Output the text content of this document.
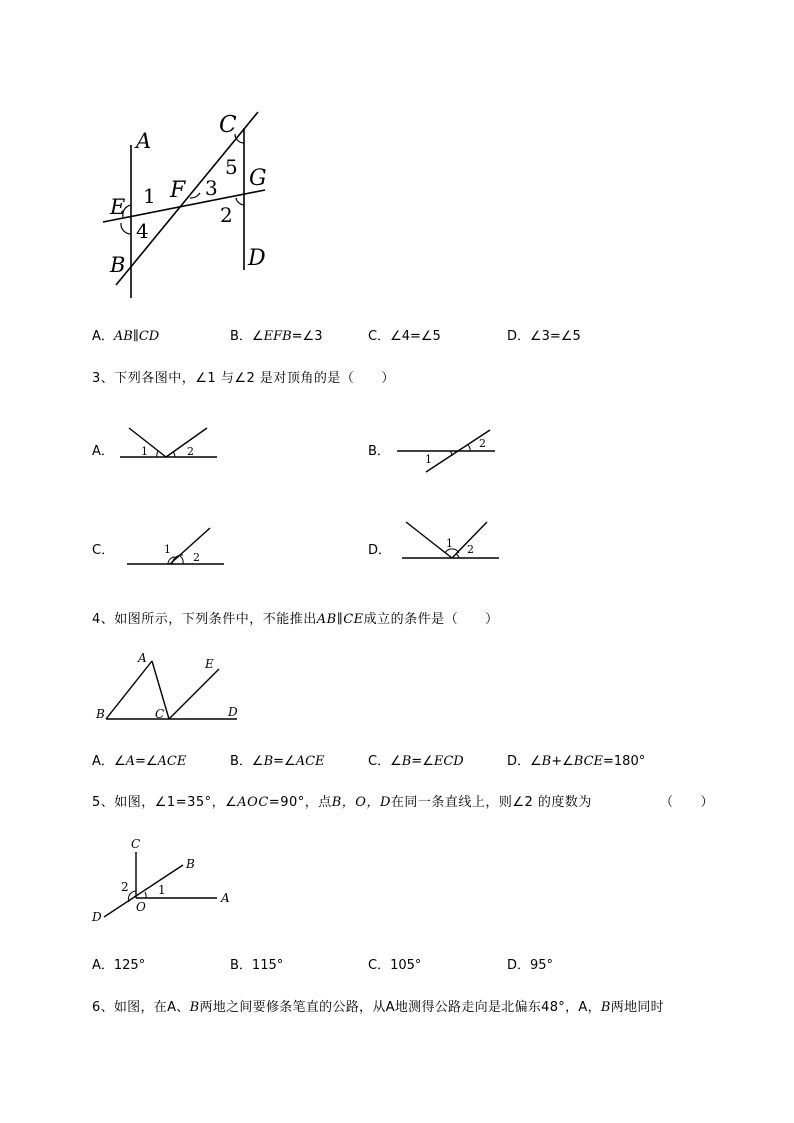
A
C
G
E
F
B	D
1 3
5
2
4
A．AB∥CD	B．∠EFB=∠3	C．∠4=∠5	D．∠3=∠5
3、下列各图中，∠1 与∠2 是对顶角的是（　　）
A． 1	2	B．
1
2
C．	1
2	D．	1 2
4、如图所示，下列条件中，不能推出AB∥CE成立的条件是（　　）
A	E
B	C	D
A．∠A=∠ACE	B．∠B=∠ACE	C．∠B=∠ECD	D．∠B+∠BCE=180°
5、如图，∠1=35°，∠AOC=90°，点B，O，D在同一条直线上，则∠2 的度数为	（　　）
C
B
2 1
O
A
D
A．125°	B．115°	C．105°	D．95°
6、如图，在A、B两地之间要修条笔直的公路，从A地测得公路走向是北偏东48°，A，B两地同时
